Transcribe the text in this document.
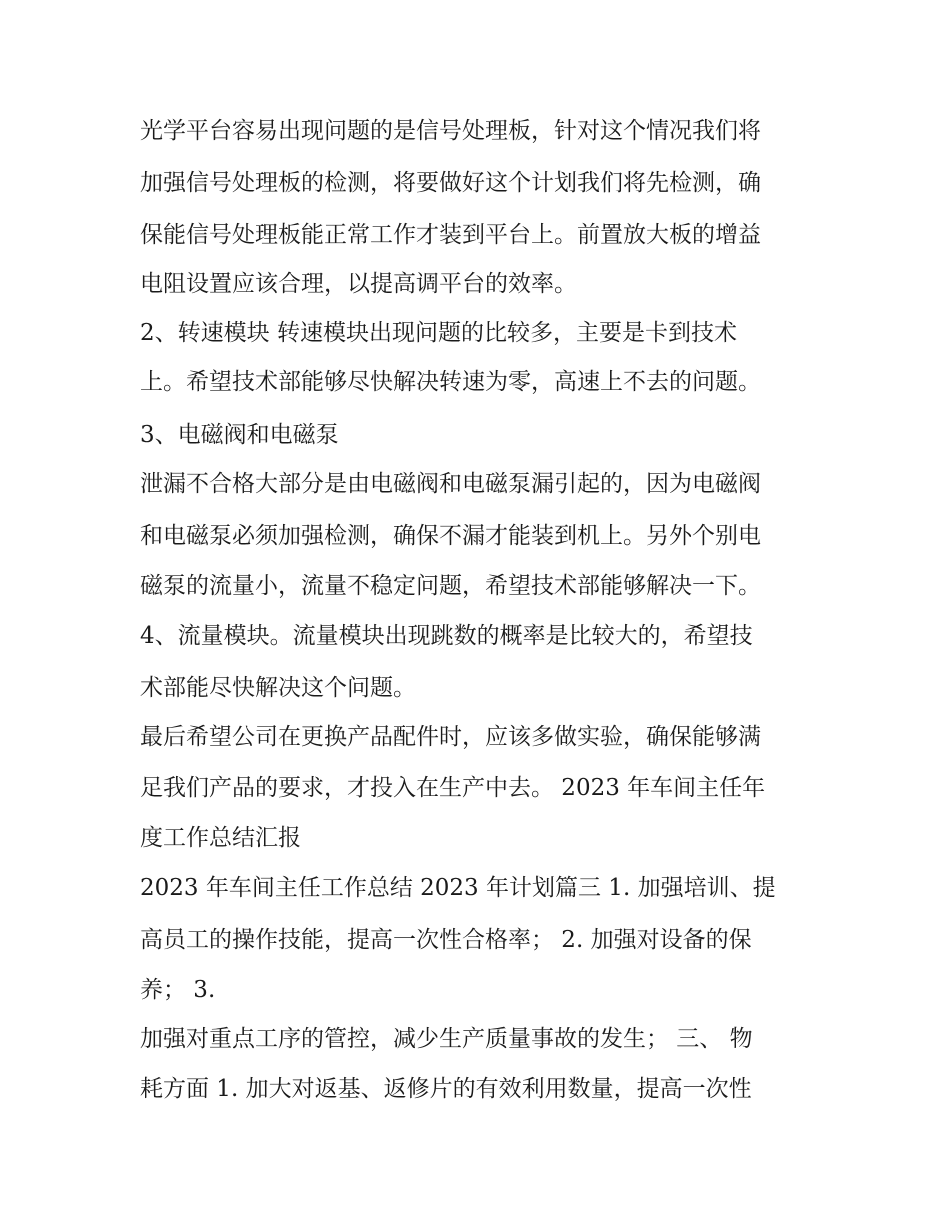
光学平台容易出现问题的是信号处理板，针对这个情况我们将
加强信号处理板的检测，将要做好这个计划我们将先检测，确
保能信号处理板能正常工作才装到平台上。前置放大板的增益
电阻设置应该合理，以提高调平台的效率。
2、转速模块 转速模块出现问题的比较多，主要是卡到技术
上。希望技术部能够尽快解决转速为零，高速上不去的问题。
3、电磁阀和电磁泵
泄漏不合格大部分是由电磁阀和电磁泵漏引起的，因为电磁阀
和电磁泵必须加强检测，确保不漏才能装到机上。另外个别电
磁泵的流量小，流量不稳定问题，希望技术部能够解决一下。
4、流量模块。流量模块出现跳数的概率是比较大的，希望技
术部能尽快解决这个问题。
最后希望公司在更换产品配件时，应该多做实验，确保能够满
足我们产品的要求，才投入在生产中去。 2023 年车间主任年
度工作总结汇报
2023 年车间主任工作总结 2023 年计划篇三 1. 加强培训、提
高员工的操作技能，提高一次性合格率； 2. 加强对设备的保
养； 3.
加强对重点工序的管控，减少生产质量事故的发生； 三、 物
耗方面 1. 加大对返基、返修片的有效利用数量，提高一次性
